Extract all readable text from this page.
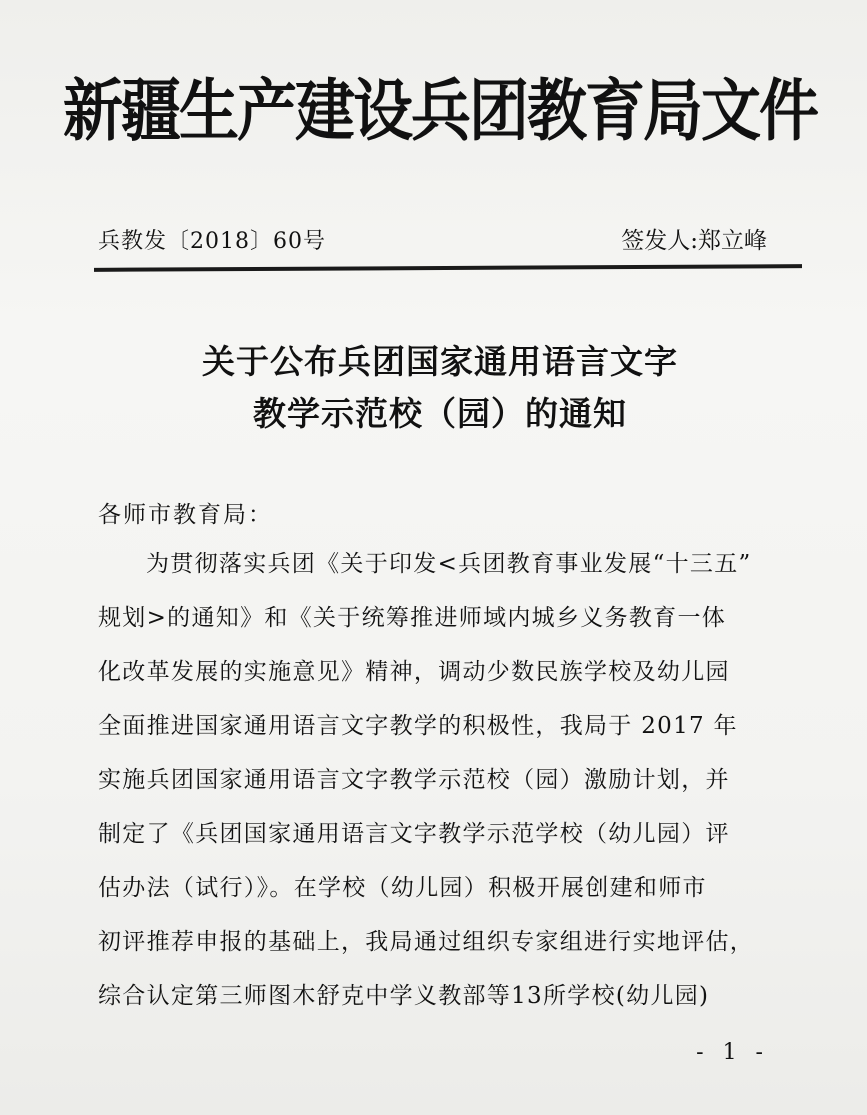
新疆生产建设兵团教育局文件
兵教发〔2018〕60号	签发人:郑立峰
关于公布兵团国家通用语言文字
教学示范校（园）的通知
各师市教育局：
为贯彻落实兵团《关于印发<兵团教育事业发展“十三五”
规划>的通知》和《关于统筹推进师域内城乡义务教育一体
化改革发展的实施意见》精神，调动少数民族学校及幼儿园
全面推进国家通用语言文字教学的积极性，我局于 2017 年
实施兵团国家通用语言文字教学示范校（园）激励计划，并
制定了《兵团国家通用语言文字教学示范学校（幼儿园）评
估办法（试行）》。在学校（幼儿园）积极开展创建和师市
初评推荐申报的基础上，我局通过组织专家组进行实地评估，
综合认定第三师图木舒克中学义教部等13所学校(幼儿园)
- 1 -
